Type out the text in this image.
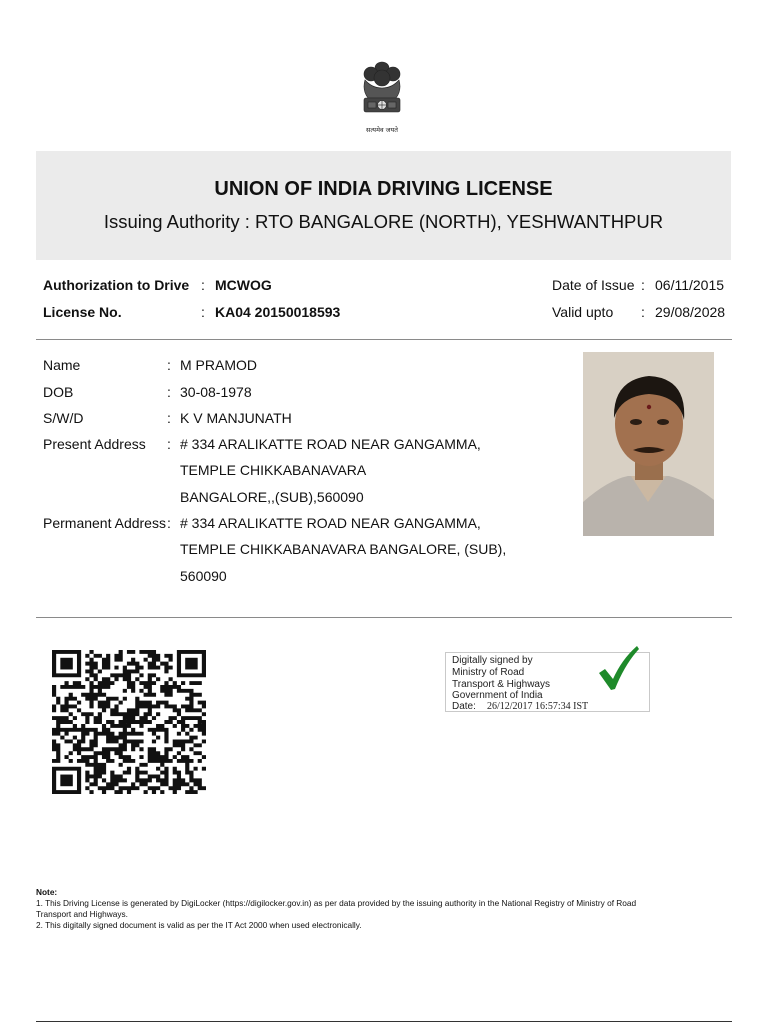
सत्यमेव जयते
UNION OF INDIA DRIVING LICENSE
Issuing Authority : RTO BANGALORE (NORTH), YESHWANTHPUR
Authorization to Drive : MCWOG	Date of Issue : 06/11/2015
License No.	: KA04 20150018593	Valid upto : 29/08/2028
Name	: M PRAMOD
DOB	: 30-08-1978
S/W/D	: K V MANJUNATH
Present Address : # 334 ARALIKATTE ROAD NEAR GANGAMMA,
TEMPLE CHIKKABANAVARA
BANGALORE,,(SUB),560090
Permanent Address : # 334 ARALIKATTE ROAD NEAR GANGAMMA,
TEMPLE CHIKKABANAVARA BANGALORE, (SUB),
560090
Digitally signed by
Ministry of Road
Transport & Highways
Government of India
Date: 26/12/2017 16:57:34 IST
Note:
1. This Driving License is generated by DigiLocker (https://digilocker.gov.in) as per data provided by the issuing authority in the National Registry of Ministry of Road
Transport and Highways.
2. This digitally signed document is valid as per the IT Act 2000 when used electronically.
